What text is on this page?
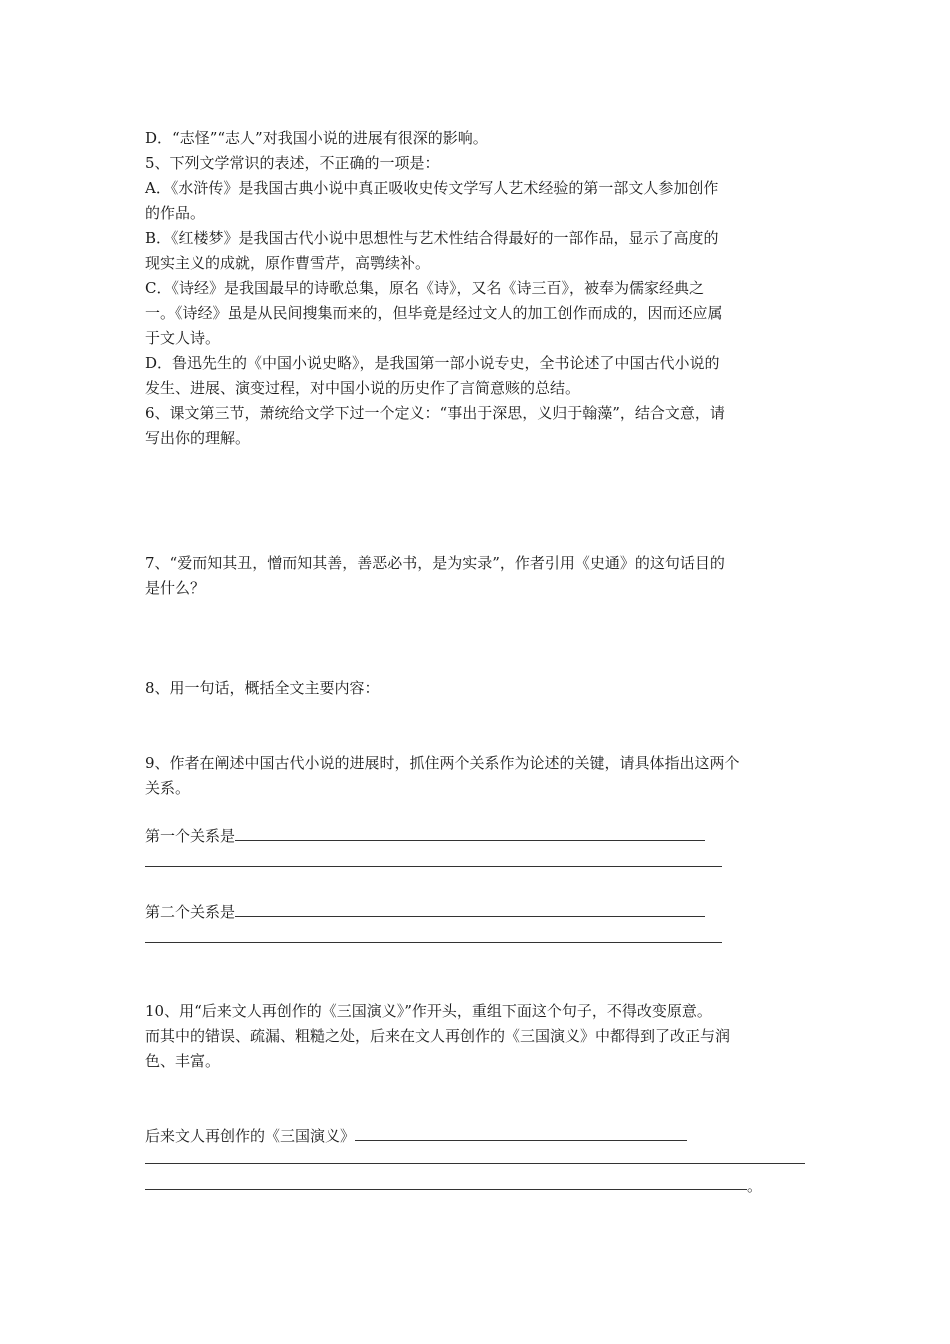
D．“志怪”“志人”对我国小说的进展有很深的影响。
5、下列文学常识的表述，不正确的一项是：
A．《水浒传》是我国古典小说中真正吸收史传文学写人艺术经验的第一部文人参加创作
的作品。
B．《红楼梦》是我国古代小说中思想性与艺术性结合得最好的一部作品，显示了高度的
现实主义的成就，原作曹雪芹，高鹗续补。
C．《诗经》是我国最早的诗歌总集，原名《诗》，又名《诗三百》，被奉为儒家经典之
一。《诗经》虽是从民间搜集而来的，但毕竟是经过文人的加工创作而成的，因而还应属
于文人诗。
D．鲁迅先生的《中国小说史略》，是我国第一部小说专史，全书论述了中国古代小说的
发生、进展、演变过程，对中国小说的历史作了言简意赅的总结。
6、课文第三节，萧统给文学下过一个定义：“事出于深思，义归于翰藻”，结合文意，请
写出你的理解。
7、“爱而知其丑，憎而知其善，善恶必书，是为实录”，作者引用《史通》的这句话目的
是什么？
8、用一句话，概括全文主要内容：
9、作者在阐述中国古代小说的进展时，抓住两个关系作为论述的关键，请具体指出这两个
关系。
第一个关系是
第二个关系是
10、用“后来文人再创作的《三国演义》”作开头，重组下面这个句子，不得改变原意。
而其中的错误、疏漏、粗糙之处，后来在文人再创作的《三国演义》中都得到了改正与润
色、丰富。
后来文人再创作的《三国演义》
。
